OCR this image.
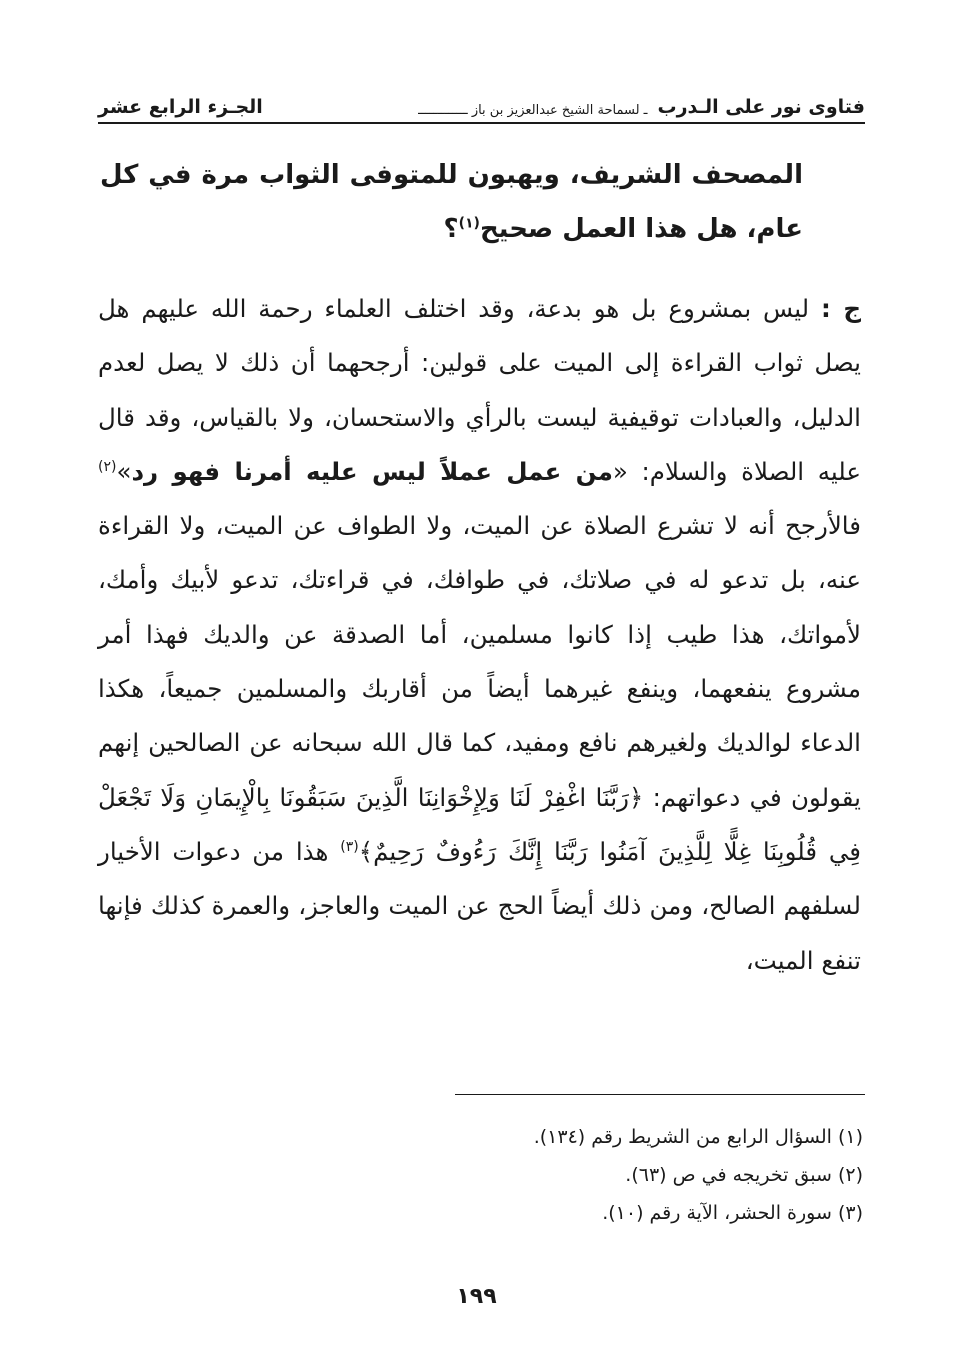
فتاوى نور على الـدرب
ـ لسماحة الشيخ عبدالعزيز بن باز ـــــــــــــ
الجـزء الرابع عشر
المصحف الشريف، ويهبون للمتوفى الثواب مرة في كل عام، هل هذا العمل صحيح$^{(١)}$؟
ج : ليس بمشروع بل هو بدعة، وقد اختلف العلماء رحمة الله عليهم هل يصل ثواب القراءة إلى الميت على قولين: أرجحهما أن ذلك لا يصل لعدم الدليل، والعبادات توقيفية ليست بالرأي والاستحسان، ولا بالقياس، وقد قال عليه الصلاة والسلام: «من عمل عملاً ليس عليه أمرنا فهو رد»$^{(٢)}$ فالأرجح أنه لا تشرع الصلاة عن الميت، ولا الطواف عن الميت، ولا القراءة عنه، بل تدعو له في صلاتك، في طوافك، في قراءتك، تدعو لأبيك وأمك، لأمواتك، هذا طيب إذا كانوا مسلمين، أما الصدقة عن والديك فهذا أمر مشروع ينفعهما، وينفع غيرهما أيضاً من أقاربك والمسلمين جميعاً، هكذا الدعاء لوالديك ولغيرهم نافع ومفيد، كما قال الله سبحانه عن الصالحين إنهم يقولون في دعواتهم: ﴿رَبَّنَا اغْفِرْ لَنَا وَلِإِخْوَانِنَا الَّذِينَ سَبَقُونَا بِالْإِيمَانِ وَلَا تَجْعَلْ فِي قُلُوبِنَا غِلًّا لِلَّذِينَ آمَنُوا رَبَّنَا إِنَّكَ رَءُوفٌ رَحِيمٌ﴾$^{(٣)}$ هذا من دعوات الأخيار لسلفهم الصالح، ومن ذلك أيضاً الحج عن الميت والعاجز، والعمرة كذلك فإنها تنفع الميت،
(١) السؤال الرابع من الشريط رقم (١٣٤).
(٢) سبق تخريجه في ص (٦٣).
(٣) سورة الحشر، الآية رقم (١٠).
١٩٩
